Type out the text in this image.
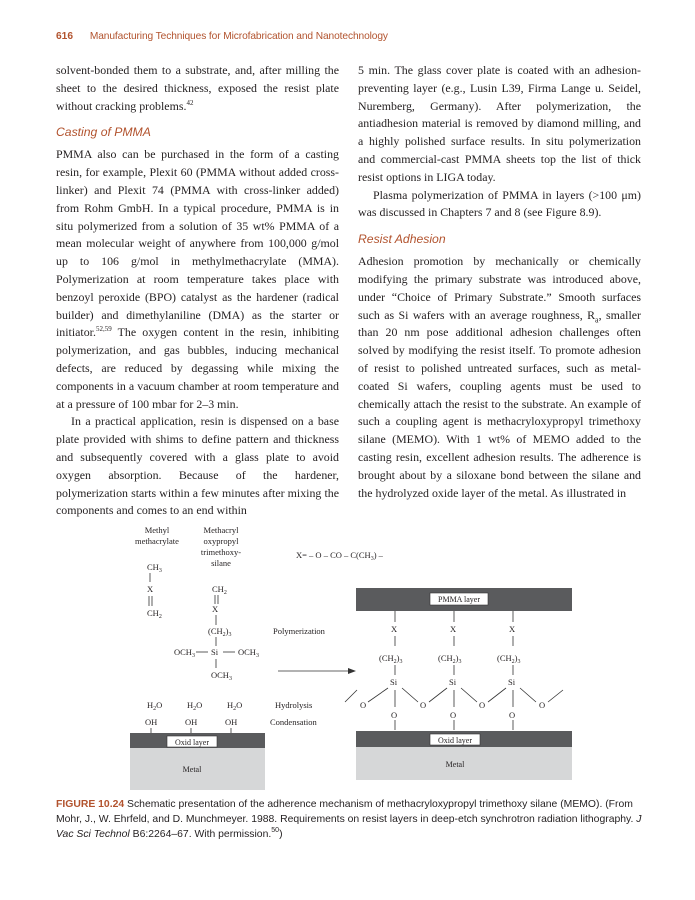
616 Manufacturing Techniques for Microfabrication and Nanotechnology

solvent-bonded them to a substrate, and, after milling the sheet to the desired thickness, exposed the resist plate without cracking problems.$^{42}$

Casting of PMMA

PMMA also can be purchased in the form of a casting resin, for example, Plexit 60 (PMMA without added cross-linker) and Plexit 74 (PMMA with cross-linker added) from Rohm GmbH. In a typical procedure, PMMA is in situ polymerized from a solution of 35 wt% PMMA of a mean molecular weight of anywhere from 100,000 g/mol up to 106 g/mol in methylmethacrylate (MMA). Polymerization at room temperature takes place with benzoyl peroxide (BPO) catalyst as the hardener (radical builder) and dimethylaniline (DMA) as the starter or initiator.$^{52,59}$ The oxygen content in the resin, inhibiting polymerization, and gas bubbles, inducing mechanical defects, are reduced by degassing while mixing the components in a vacuum chamber at room temperature and at a pressure of 100 mbar for 2–3 min.

In a practical application, resin is dispensed on a base plate provided with shims to define pattern and thickness and subsequently covered with a glass plate to avoid oxygen absorption. Because of the hardener, polymerization starts within a few minutes after mixing the components and comes to an end within

5 min. The glass cover plate is coated with an adhesion-preventing layer (e.g., Lusin L39, Firma Lange u. Seidel, Nuremberg, Germany). After polymerization, the antiadhesion material is removed by diamond milling, and a highly polished surface results. In situ polymerization and commercial-cast PMMA sheets top the list of thick resist options in LIGA today.

Plasma polymerization of PMMA in layers (>100 μm) was discussed in Chapters 7 and 8 (see Figure 8.9).

Resist Adhesion

Adhesion promotion by mechanically or chemically modifying the primary substrate was introduced above, under “Choice of Primary Substrate.” Smooth surfaces such as Si wafers with an average roughness, $R_a$, smaller than 20 nm pose additional adhesion challenges often solved by modifying the resist itself. To promote adhesion of resist to polished untreated surfaces, such as metal-coated Si wafers, coupling agents must be used to chemically attach the resist to the substrate. An example of such a coupling agent is methacryloxypropyl trimethoxy silane (MEMO). With 1 wt% of MEMO added to the casting resin, excellent adhesion results. The adherence is brought about by a siloxane bond between the silane and the hydrolyzed oxide layer of the metal. As illustrated in

Methyl
methacrylate
Methacryl
oxypropyl
trimethoxy-
silane
X= – O – CO – $C(CH_3)$ –
$CH_3$
X
$CH_2$
$CH_2$
X
$(CH_2)_3$
$OCH_3$ Si $OCH_3$
$OCH_3$
Polymerization
PMMA layer
X
$(CH_2)_3$
Si
X
$(CH_2)_3$
Si
X
$(CH_2)_3$
Si
O	O	O	O
O	O	O
$H_2O$	$H_2O$	$H_2O$
OH	OH	OH
Hydrolysis
Condensation
Oxid layer
Metal
Oxid layer
Metal
FIGURE 10.24 Schematic presentation of the adherence mechanism of methacryloxypropyl trimethoxy silane (MEMO). (From Mohr, J., W. Ehrfeld, and D. Munchmeyer. 1988. Requirements on resist layers in deep-etch synchrotron radiation lithography. J Vac Sci Technol B6:2264–67. With permission.$^{50}$)
